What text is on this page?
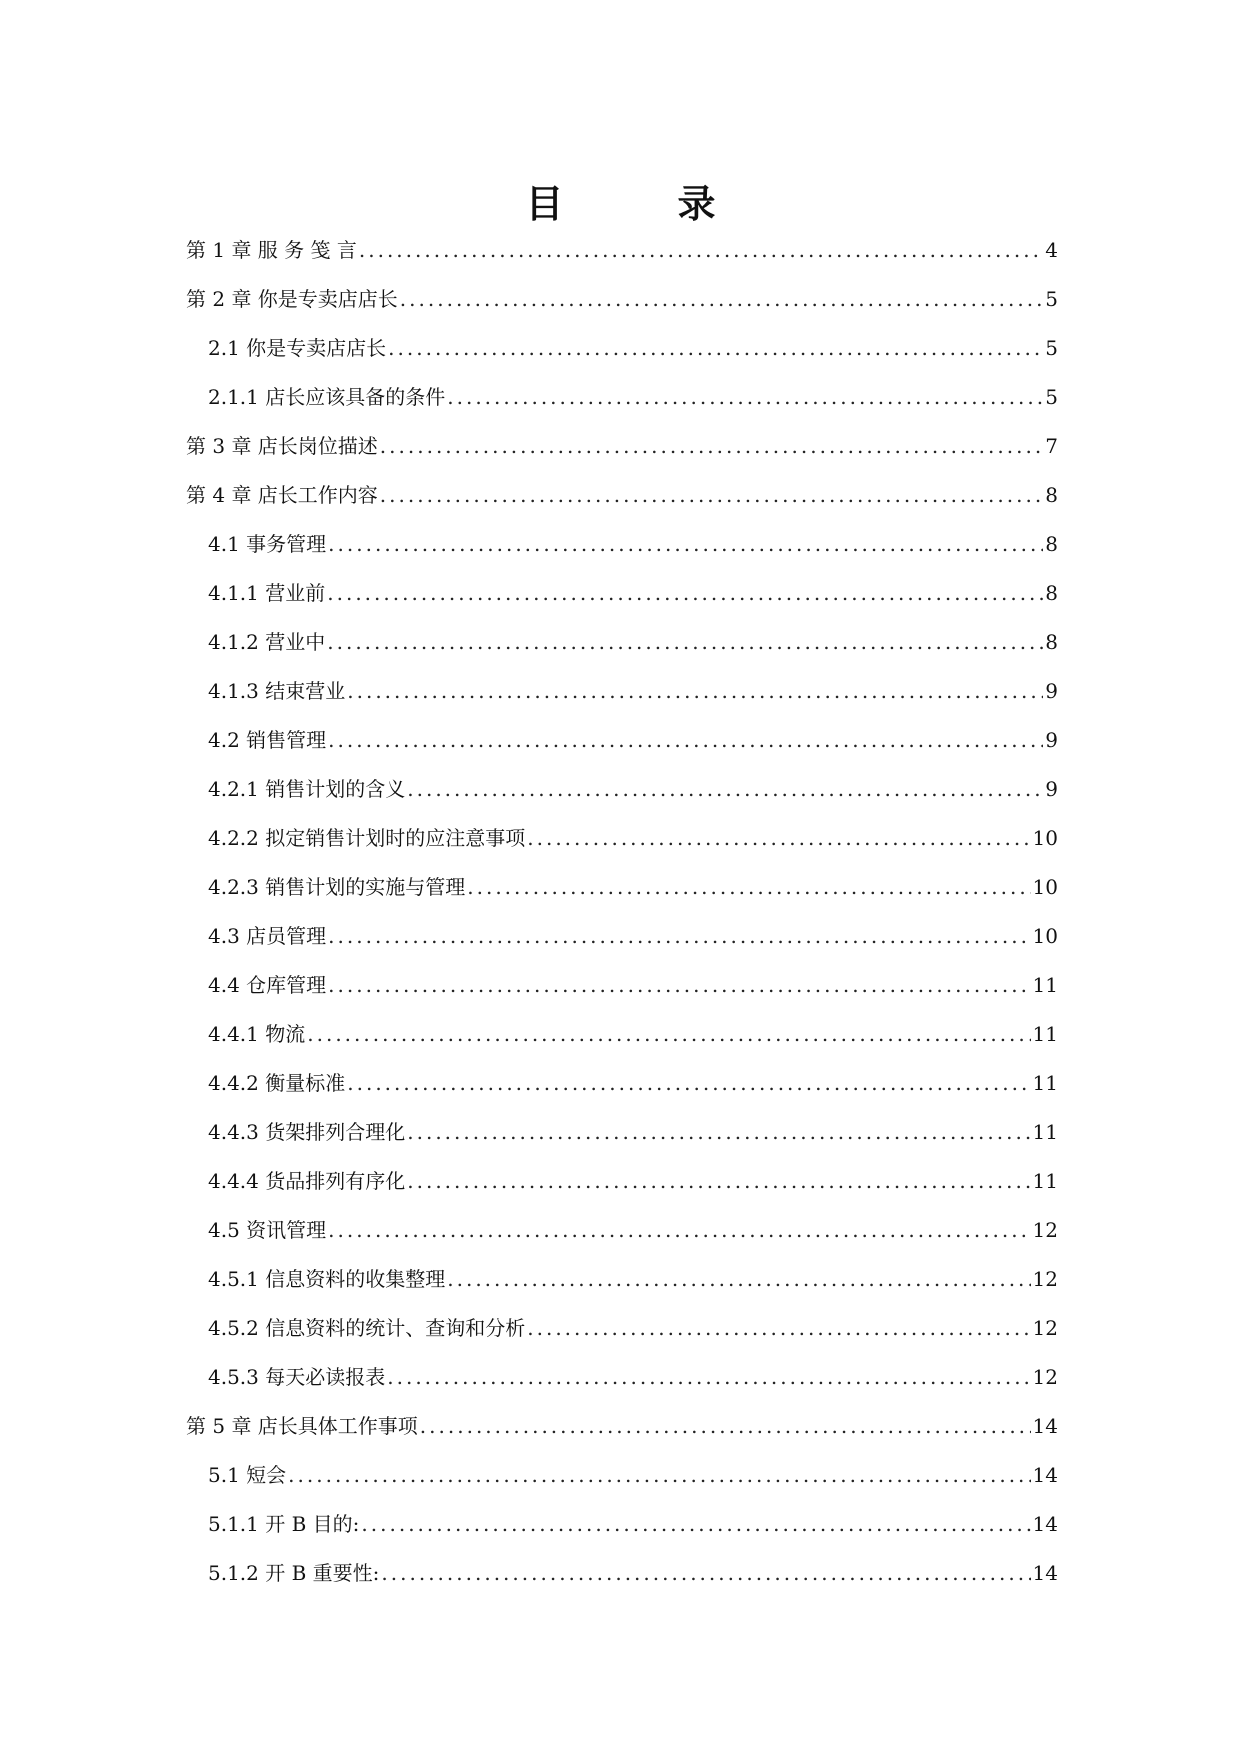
目　录
第 1 章 服 务 笺 言 .....	4
第 2 章 你是专卖店店长 .....	5
2.1 你是专卖店店长 .....	5
2.1.1 店长应该具备的条件 .....	5
第 3 章 店长岗位描述 .....	7
第 4 章 店长工作内容 .....	8
4.1 事务管理 .....	8
4.1.1 营业前 .....	8
4.1.2 营业中 .....	8
4.1.3 结束营业 .....	9
4.2 销售管理 .....	9
4.2.1 销售计划的含义 .....	9
4.2.2 拟定销售计划时的应注意事项 .....	10
4.2.3 销售计划的实施与管理 .....	10
4.3 店员管理 .....	10
4.4 仓库管理 .....	11
4.4.1 物流 .....	11
4.4.2 衡量标准 .....	11
4.4.3 货架排列合理化 .....	11
4.4.4 货品排列有序化 .....	11
4.5 资讯管理 .....	12
4.5.1 信息资料的收集整理 .....	12
4.5.2 信息资料的统计、查询和分析 .....	12
4.5.3 每天必读报表 .....	12
第 5 章 店长具体工作事项 .....	14
5.1 短会 .....	14
5.1.1 开 B 目的: .....	14
5.1.2 开 B 重要性: .....	14
